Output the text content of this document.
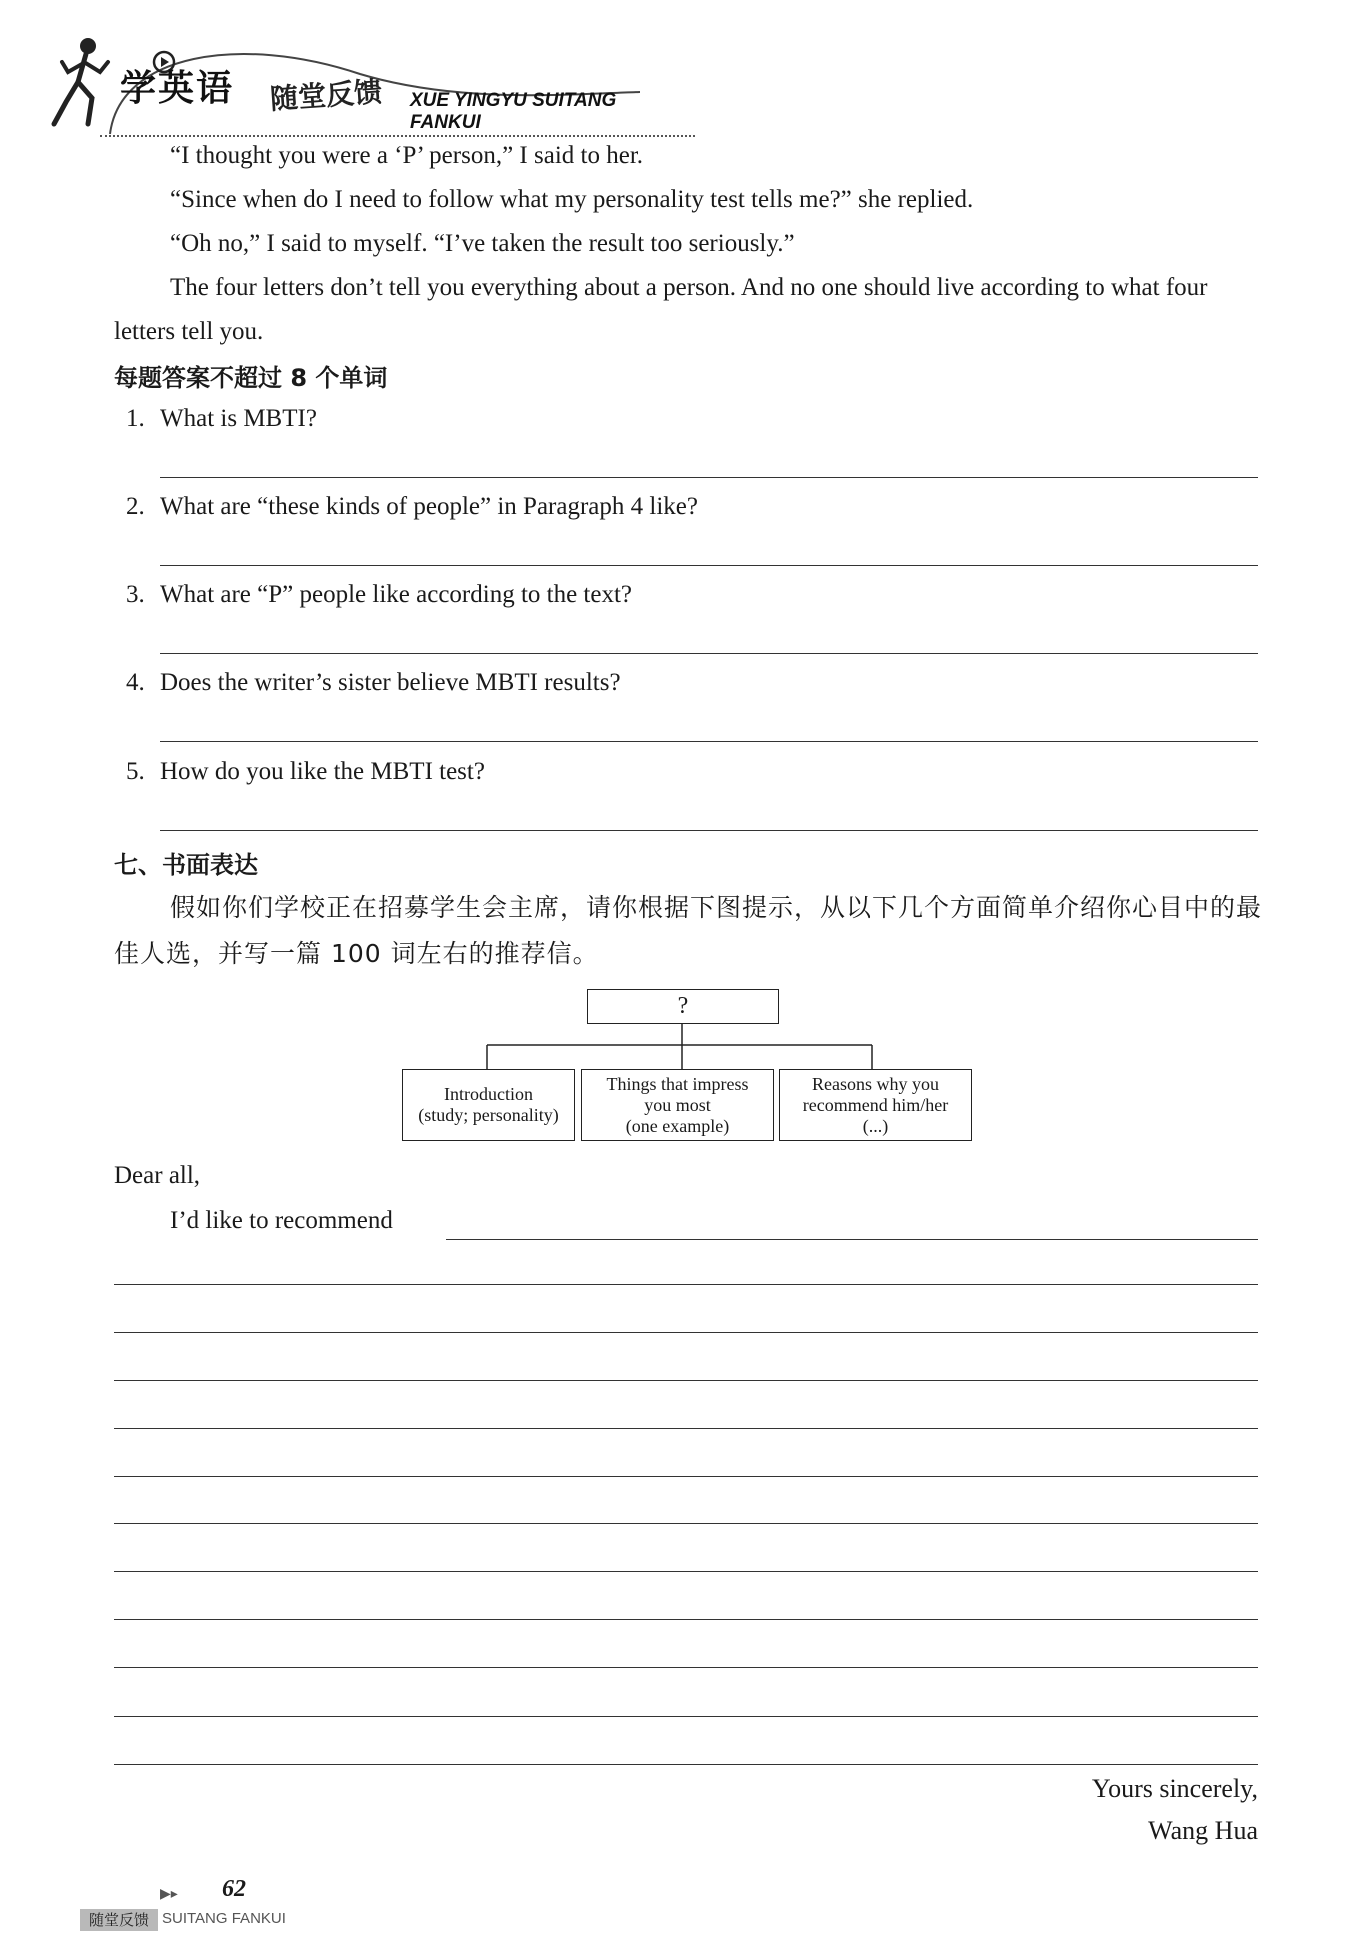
学英语 随堂反馈 XUE YINGYU SUITANG FANKUI
“I thought you were a ‘P’ person,” I said to her.
“Since when do I need to follow what my personality test tells me?” she replied.
“Oh no,” I said to myself. “I’ve taken the result too seriously.”
The four letters don’t tell you everything about a person. And no one should live according to what four letters tell you.
每题答案不超过 8 个单词
1. What is MBTI?
2. What are “these kinds of people” in Paragraph 4 like?
3. What are “P” people like according to the text?
4. Does the writer’s sister believe MBTI results?
5. How do you like the MBTI test?
七、书面表达
假如你们学校正在招募学生会主席，请你根据下图提示，从以下几个方面简单介绍你心目中的最佳人选，并写一篇 100 词左右的推荐信。
?
Introduction
(study; personality)
Things that impress
you most
(one example)
Reasons why you
recommend him/her
(...)
Dear all,
I’d like to recommend
Yours sincerely,
Wang Hua
▶▸ 62
随堂反馈 SUITANG FANKUI
